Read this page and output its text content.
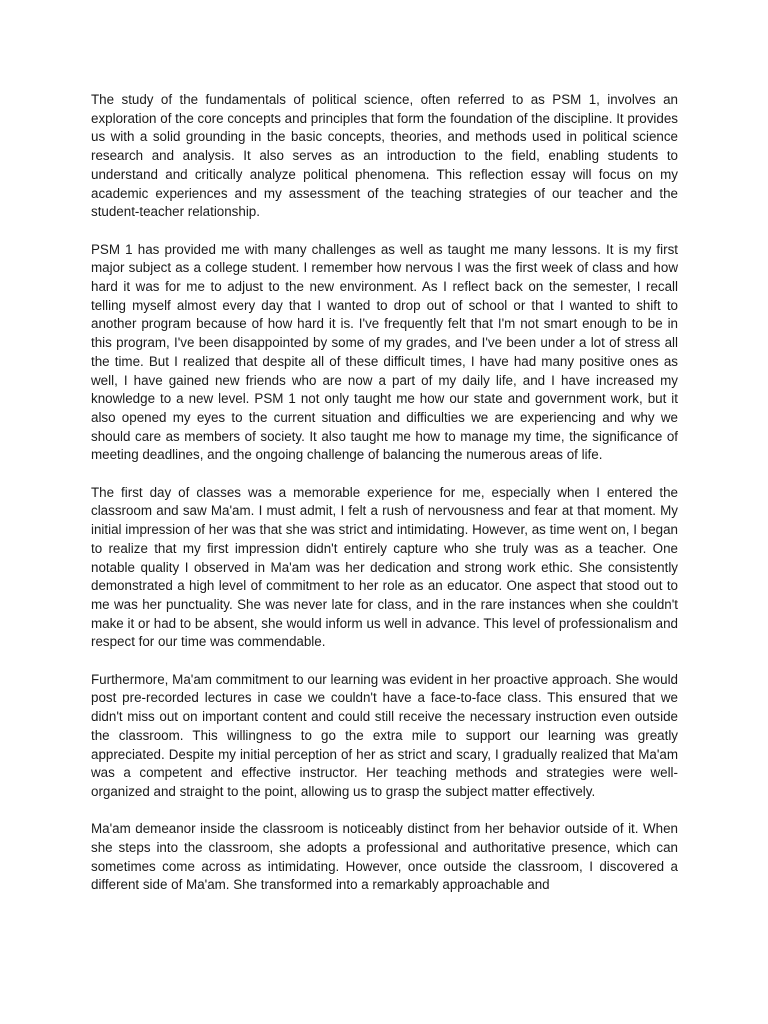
The study of the fundamentals of political science, often referred to as PSM 1, involves an exploration of the core concepts and principles that form the foundation of the discipline. It provides us with a solid grounding in the basic concepts, theories, and methods used in political science research and analysis. It also serves as an introduction to the field, enabling students to understand and critically analyze political phenomena. This reflection essay will focus on my academic experiences and my assessment of the teaching strategies of our teacher and the student-teacher relationship.

PSM 1 has provided me with many challenges as well as taught me many lessons. It is my first major subject as a college student. I remember how nervous I was the first week of class and how hard it was for me to adjust to the new environment. As I reflect back on the semester, I recall telling myself almost every day that I wanted to drop out of school or that I wanted to shift to another program because of how hard it is. I've frequently felt that I'm not smart enough to be in this program, I've been disappointed by some of my grades, and I've been under a lot of stress all the time. But I realized that despite all of these difficult times, I have had many positive ones as well, I have gained new friends who are now a part of my daily life, and I have increased my knowledge to a new level. PSM 1 not only taught me how our state and government work, but it also opened my eyes to the current situation and difficulties we are experiencing and why we should care as members of society. It also taught me how to manage my time, the significance of meeting deadlines, and the ongoing challenge of balancing the numerous areas of life.

The first day of classes was a memorable experience for me, especially when I entered the classroom and saw Ma'am. I must admit, I felt a rush of nervousness and fear at that moment. My initial impression of her was that she was strict and intimidating. However, as time went on, I began to realize that my first impression didn't entirely capture who she truly was as a teacher. One notable quality I observed in Ma'am was her dedication and strong work ethic. She consistently demonstrated a high level of commitment to her role as an educator. One aspect that stood out to me was her punctuality. She was never late for class, and in the rare instances when she couldn't make it or had to be absent, she would inform us well in advance. This level of professionalism and respect for our time was commendable.

Furthermore, Ma'am commitment to our learning was evident in her proactive approach. She would post pre-recorded lectures in case we couldn't have a face-to-face class. This ensured that we didn't miss out on important content and could still receive the necessary instruction even outside the classroom. This willingness to go the extra mile to support our learning was greatly appreciated. Despite my initial perception of her as strict and scary, I gradually realized that Ma'am was a competent and effective instructor. Her teaching methods and strategies were well-organized and straight to the point, allowing us to grasp the subject matter effectively.

Ma'am demeanor inside the classroom is noticeably distinct from her behavior outside of it. When she steps into the classroom, she adopts a professional and authoritative presence, which can sometimes come across as intimidating. However, once outside the classroom, I discovered a different side of Ma'am. She transformed into a remarkably approachable and
